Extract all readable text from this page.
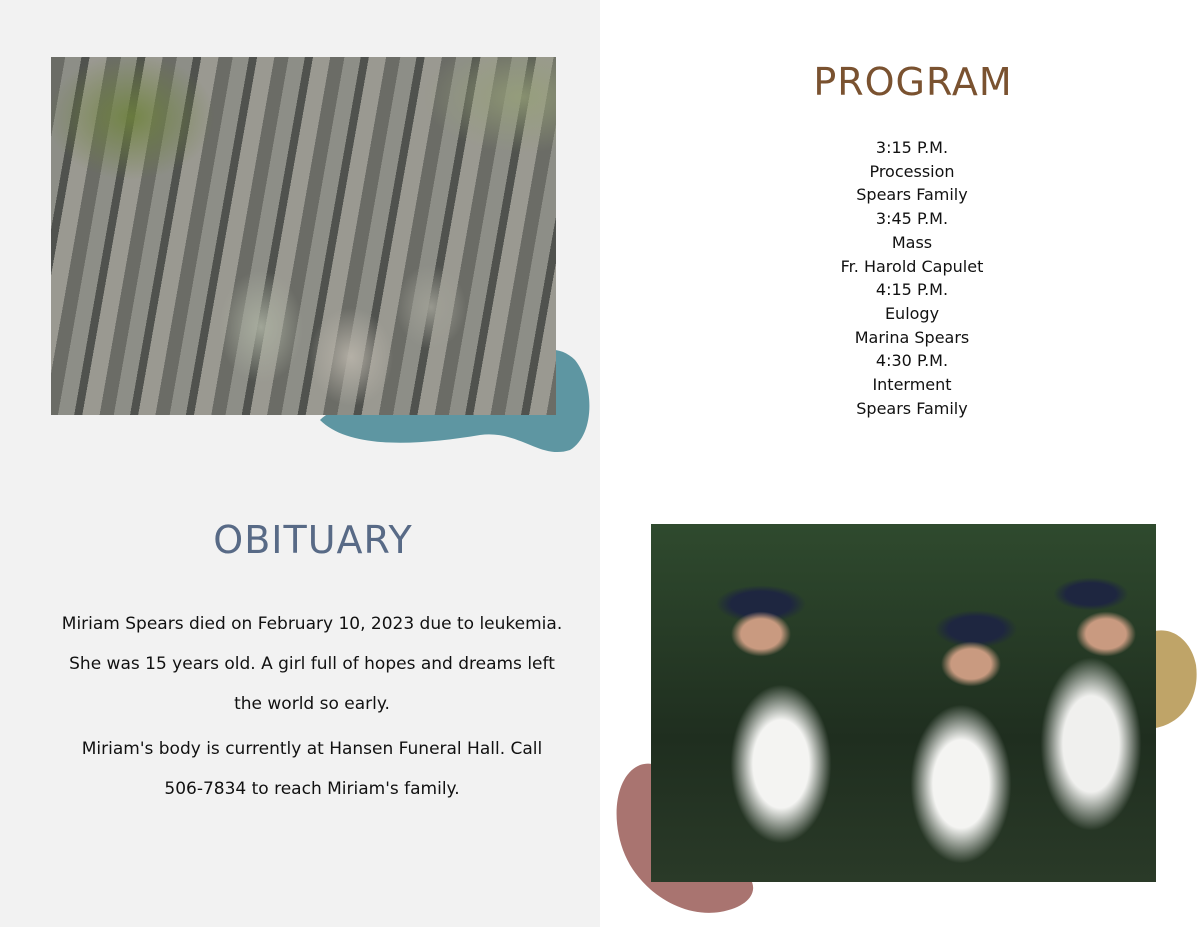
PROGRAM
3:15 P.M.
Procession
Spears Family
3:45 P.M.
Mass
Fr. Harold Capulet
4:15 P.M.
Eulogy
Marina Spears
4:30 P.M.
Interment
Spears Family
OBITUARY

Miriam Spears died on February 10, 2023 due to leukemia. She was 15 years old. A girl full of hopes and dreams left the world so early.

Miriam's body is currently at Hansen Funeral Hall. Call 506-7834 to reach Miriam's family.
